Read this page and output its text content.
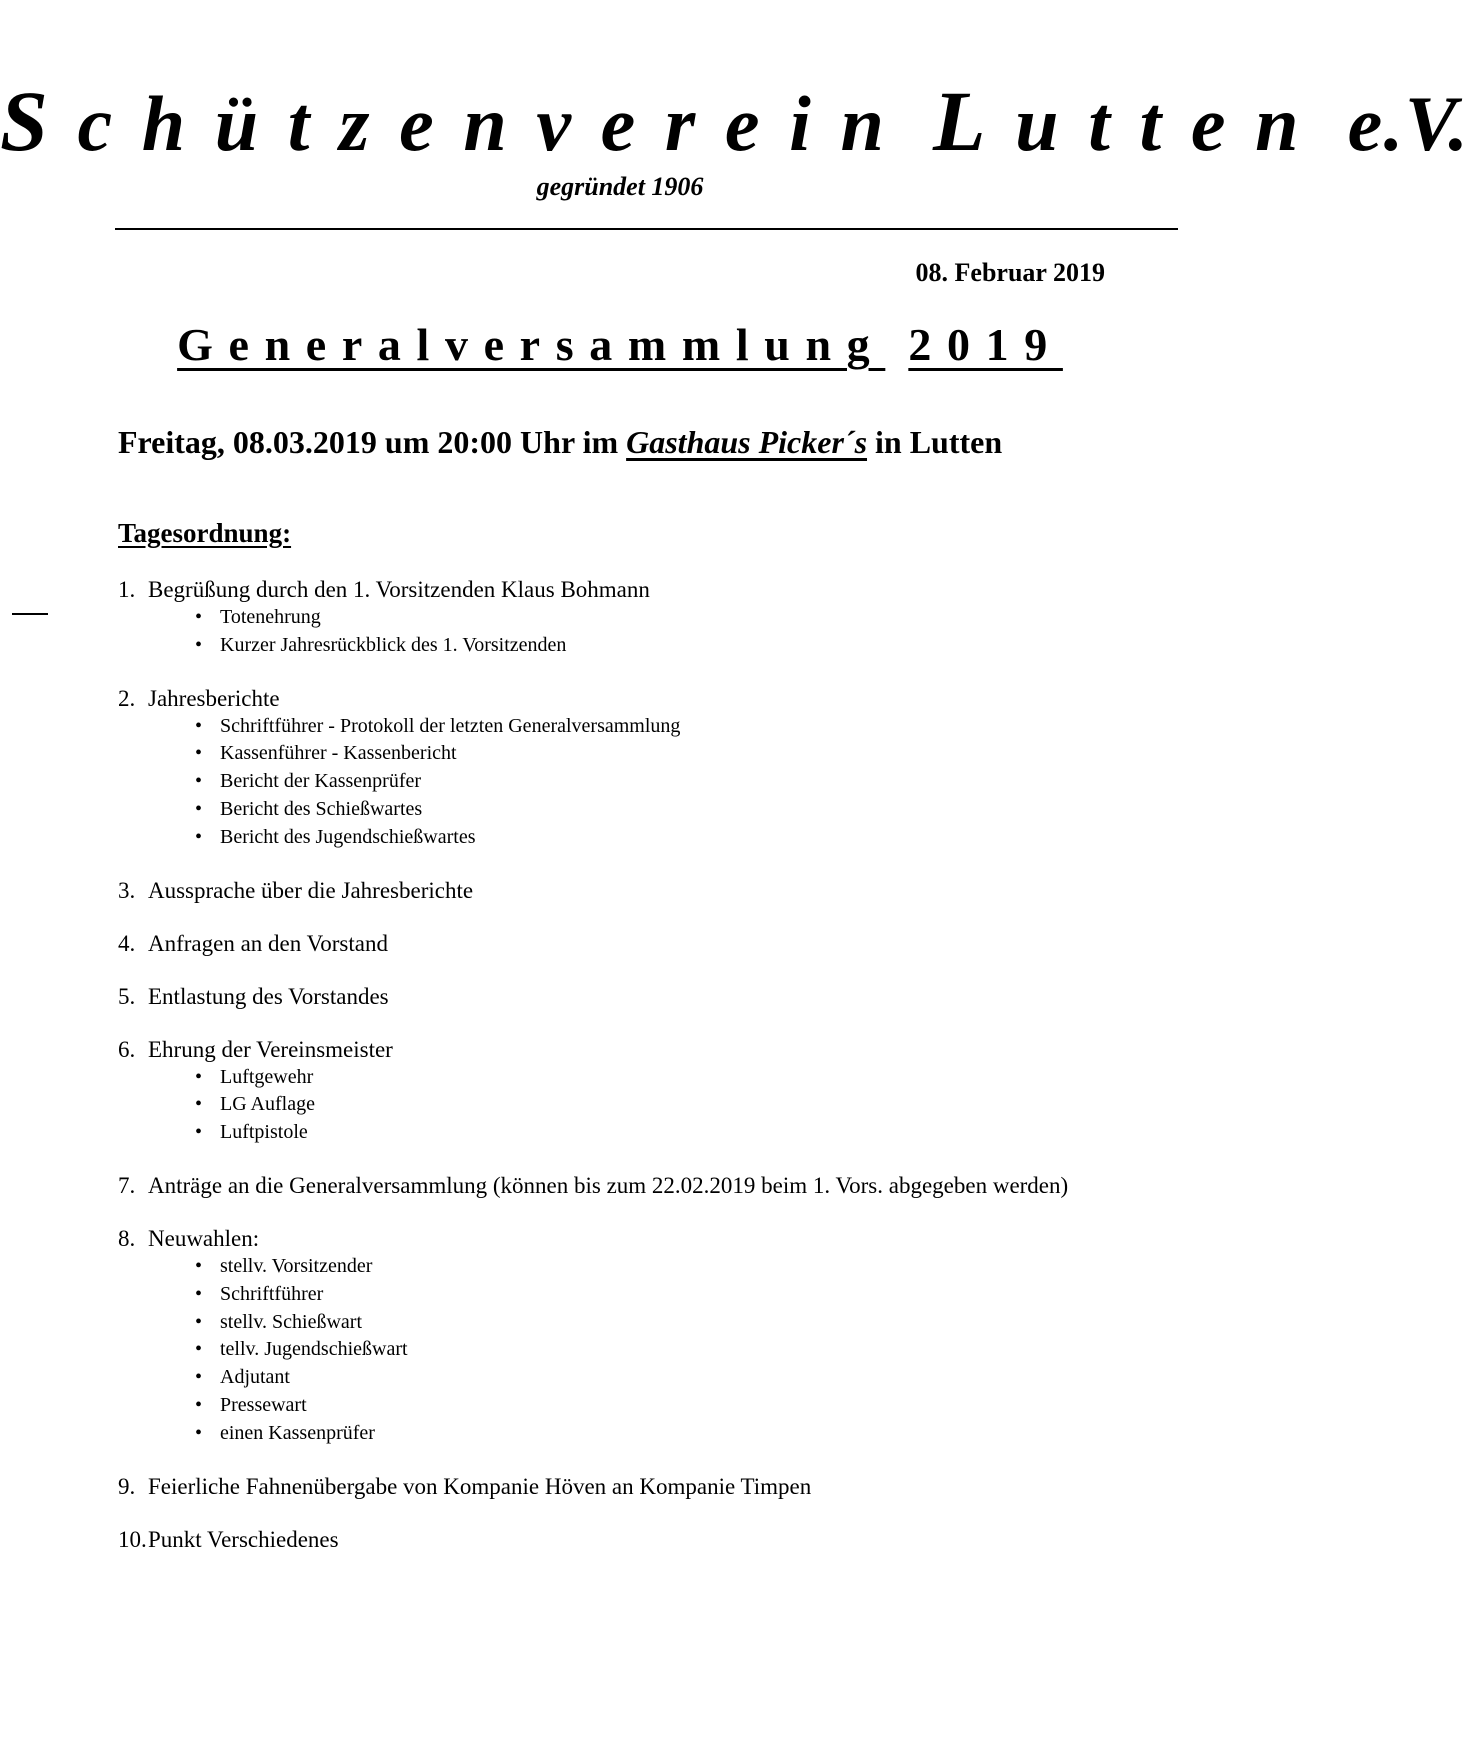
Schützenverein Lutten e.V.
gegründet 1906
08. Februar 2019
Generalversammlung 2019
Freitag, 08.03.2019 um 20:00 Uhr im Gasthaus Picker´s in Lutten
Tagesordnung:
1. Begrüßung durch den 1. Vorsitzenden Klaus Bohmann
• Totenehrung
• Kurzer Jahresrückblick des 1. Vorsitzenden
2. Jahresberichte
• Schriftführer - Protokoll der letzten Generalversammlung
• Kassenführer - Kassenbericht
• Bericht der Kassenprüfer
• Bericht des Schießwartes
• Bericht des Jugendschießwartes
3. Aussprache über die Jahresberichte
4. Anfragen an den Vorstand
5. Entlastung des Vorstandes
6. Ehrung der Vereinsmeister
• Luftgewehr
• LG Auflage
• Luftpistole
7. Anträge an die Generalversammlung (können bis zum 22.02.2019 beim 1. Vors. abgegeben werden)
8. Neuwahlen:
• stellv. Vorsitzender
• Schriftführer
• stellv. Schießwart
• tellv. Jugendschießwart
• Adjutant
• Pressewart
• einen Kassenprüfer
9. Feierliche Fahnenübergabe von Kompanie Höven an Kompanie Timpen
10. Punkt Verschiedenes
